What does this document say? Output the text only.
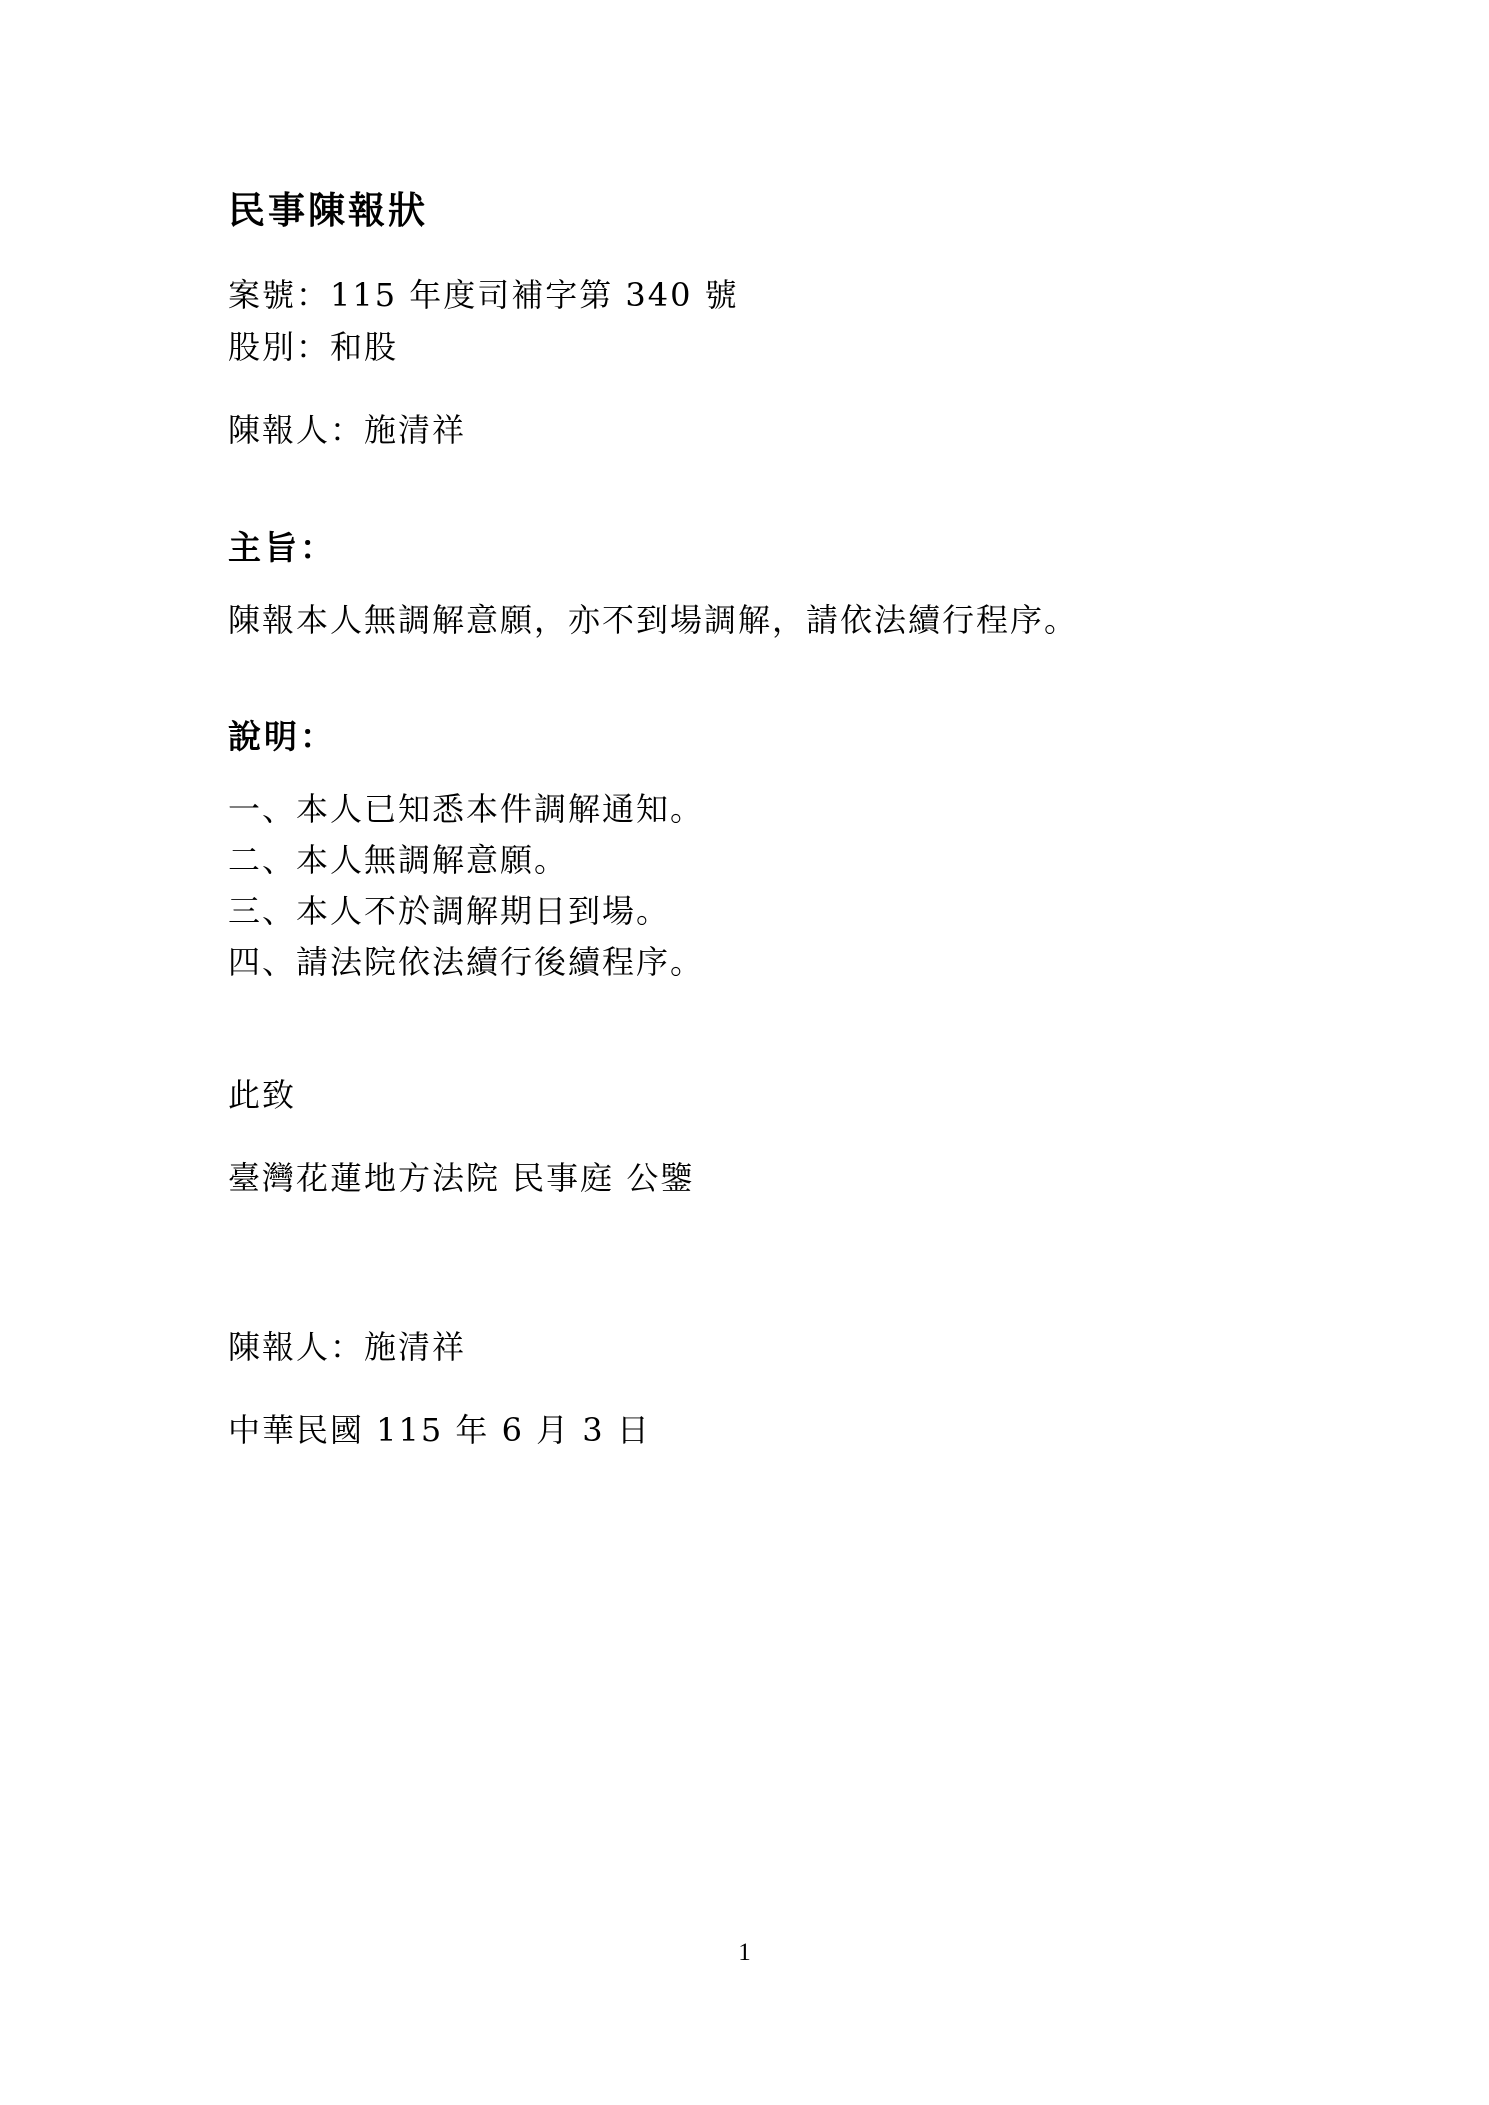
民事陳報狀
案號：115 年度司補字第 340 號
股別：和股
陳報人：施清祥
主旨：
陳報本人無調解意願，亦不到場調解，請依法續行程序。
說明：
一、本人已知悉本件調解通知。
二、本人無調解意願。
三、本人不於調解期日到場。
四、請法院依法續行後續程序。
此致
臺灣花蓮地方法院 民事庭 公鑒
陳報人：施清祥
中華民國 115 年 6 月 3 日
1
